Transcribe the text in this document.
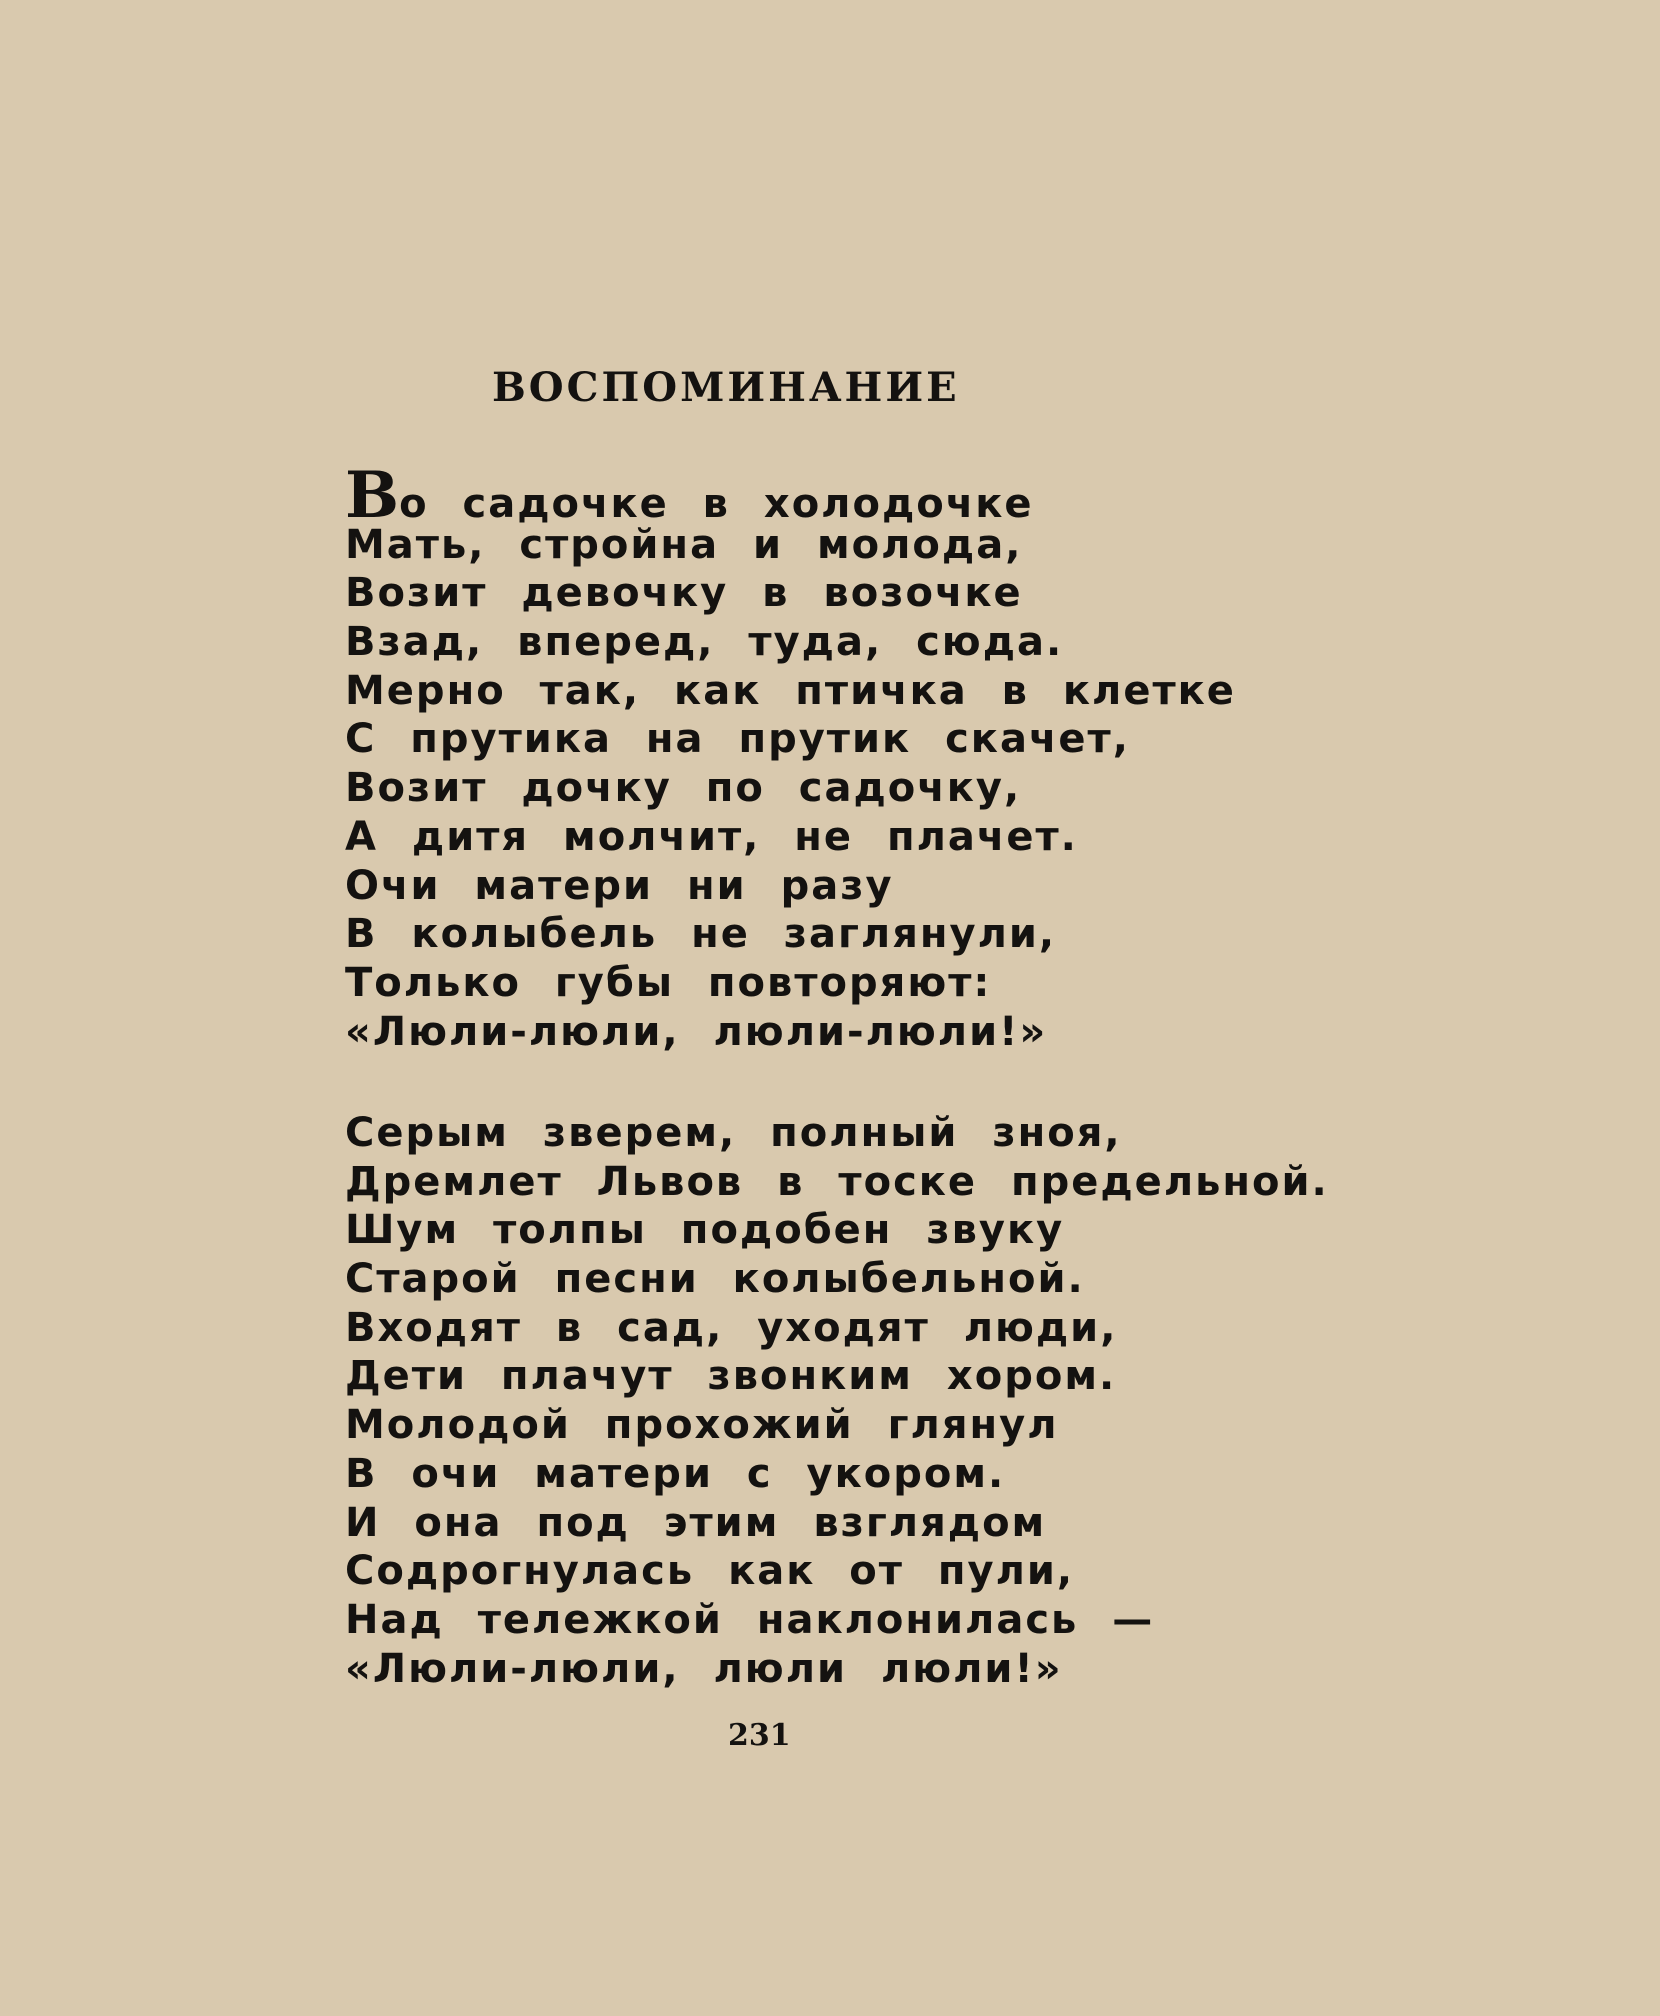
ВОСПОМИНАНИЕ
Во садочке в холодочке
Мать, стройна и молода,
Возит девочку в возочке
Взад, вперед, туда, сюда.
Мерно так, как птичка в клетке
С прутика на прутик скачет,
Возит дочку по садочку,
А дитя молчит, не плачет.
Очи матери ни разу
В колыбель не заглянули,
Только губы повторяют:
«Люли-люли, люли-люли!»
Серым зверем, полный зноя,
Дремлет Львов в тоске предельной.
Шум толпы подобен звуку
Старой песни колыбельной.
Входят в сад, уходят люди,
Дети плачут звонким хором.
Молодой прохожий глянул
В очи матери с укором.
И она под этим взглядом
Содрогнулась как от пули,
Над тележкой наклонилась —
«Люли-люли, люли люли!»
231
